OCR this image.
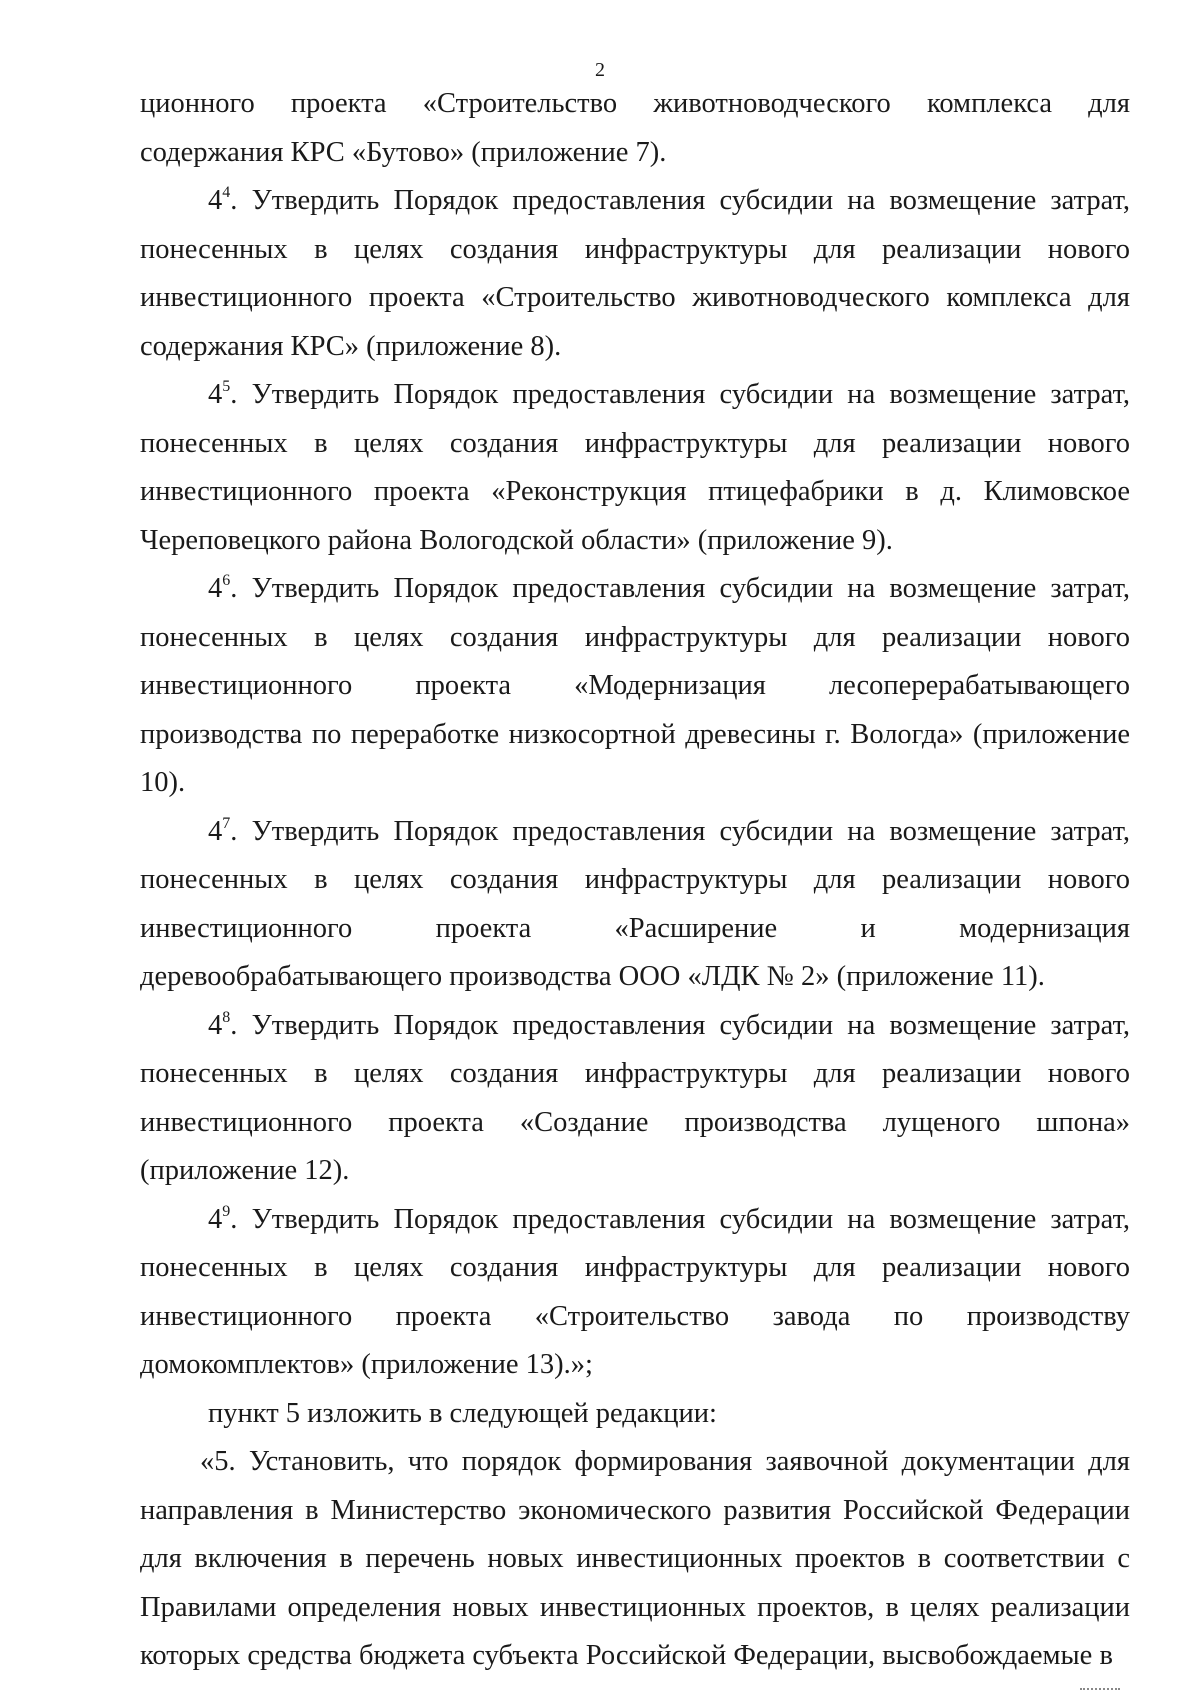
2

ционного проекта «Строительство животноводческого комплекса для содержания КРС «Бутово» (приложение 7).

$4^4$. Утвердить Порядок предоставления субсидии на возмещение затрат, понесенных в целях создания инфраструктуры для реализации нового инвестиционного проекта «Строительство животноводческого комплекса для содержания КРС» (приложение 8).

$4^5$. Утвердить Порядок предоставления субсидии на возмещение затрат, понесенных в целях создания инфраструктуры для реализации нового инвестиционного проекта «Реконструкция птицефабрики в д. Климовское Череповецкого района Вологодской области» (приложение 9).

$4^6$. Утвердить Порядок предоставления субсидии на возмещение затрат, понесенных в целях создания инфраструктуры для реализации нового инвестиционного проекта «Модернизация лесоперерабатывающего производства по переработке низкосортной древесины г. Вологда» (приложение 10).

$4^7$. Утвердить Порядок предоставления субсидии на возмещение затрат, понесенных в целях создания инфраструктуры для реализации нового инвестиционного проекта «Расширение и модернизация деревообрабатывающего производства ООО «ЛДК № 2» (приложение 11).

$4^8$. Утвердить Порядок предоставления субсидии на возмещение затрат, понесенных в целях создания инфраструктуры для реализации нового инвестиционного проекта «Создание производства лущеного шпона» (приложение 12).

$4^9$. Утвердить Порядок предоставления субсидии на возмещение затрат, понесенных в целях создания инфраструктуры для реализации нового инвестиционного проекта «Строительство завода по производству домокомплектов» (приложение 13).»;

пункт 5 изложить в следующей редакции:

«5. Установить, что порядок формирования заявочной документации для направления в Министерство экономического развития Российской Федерации для включения в перечень новых инвестиционных проектов в соответствии с Правилами определения новых инвестиционных проектов, в целях реализации которых средства бюджета субъекта Российской Федерации, высвобождаемые в
